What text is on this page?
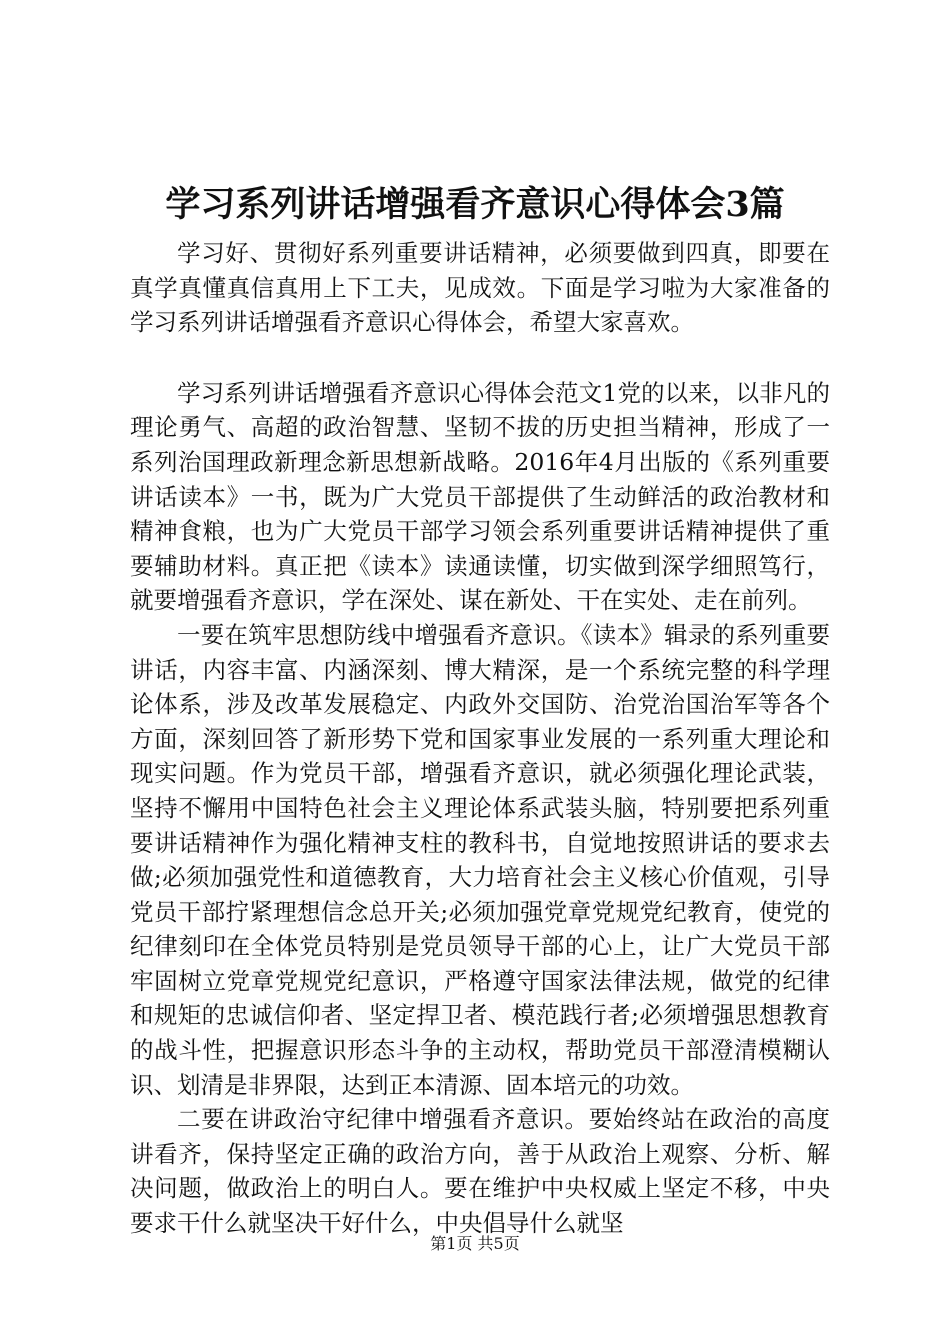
学习系列讲话增强看齐意识心得体会3篇

学习好、贯彻好系列重要讲话精神，必须要做到四真，即要在真学真懂真信真用上下工夫，见成效。下面是学习啦为大家准备的学习系列讲话增强看齐意识心得体会，希望大家喜欢。

学习系列讲话增强看齐意识心得体会范文1党的以来，以非凡的理论勇气、高超的政治智慧、坚韧不拔的历史担当精神，形成了一系列治国理政新理念新思想新战略。2016年4月出版的《系列重要讲话读本》一书，既为广大党员干部提供了生动鲜活的政治教材和精神食粮，也为广大党员干部学习领会系列重要讲话精神提供了重要辅助材料。真正把《读本》读通读懂，切实做到深学细照笃行，就要增强看齐意识，学在深处、谋在新处、干在实处、走在前列。

一要在筑牢思想防线中增强看齐意识。《读本》辑录的系列重要讲话，内容丰富、内涵深刻、博大精深，是一个系统完整的科学理论体系，涉及改革发展稳定、内政外交国防、治党治国治军等各个方面，深刻回答了新形势下党和国家事业发展的一系列重大理论和现实问题。作为党员干部，增强看齐意识，就必须强化理论武装，坚持不懈用中国特色社会主义理论体系武装头脑，特别要把系列重要讲话精神作为强化精神支柱的教科书，自觉地按照讲话的要求去做;必须加强党性和道德教育，大力培育社会主义核心价值观，引导党员干部拧紧理想信念总开关;必须加强党章党规党纪教育，使党的纪律刻印在全体党员特别是党员领导干部的心上，让广大党员干部牢固树立党章党规党纪意识，严格遵守国家法律法规，做党的纪律和规矩的忠诚信仰者、坚定捍卫者、模范践行者;必须增强思想教育的战斗性，把握意识形态斗争的主动权，帮助党员干部澄清模糊认识、划清是非界限，达到正本清源、固本培元的功效。

二要在讲政治守纪律中增强看齐意识。要始终站在政治的高度讲看齐，保持坚定正确的政治方向，善于从政治上观察、分析、解决问题，做政治上的明白人。要在维护中央权威上坚定不移，中央要求干什么就坚决干好什么，中央倡导什么就坚

第1页 共5页
